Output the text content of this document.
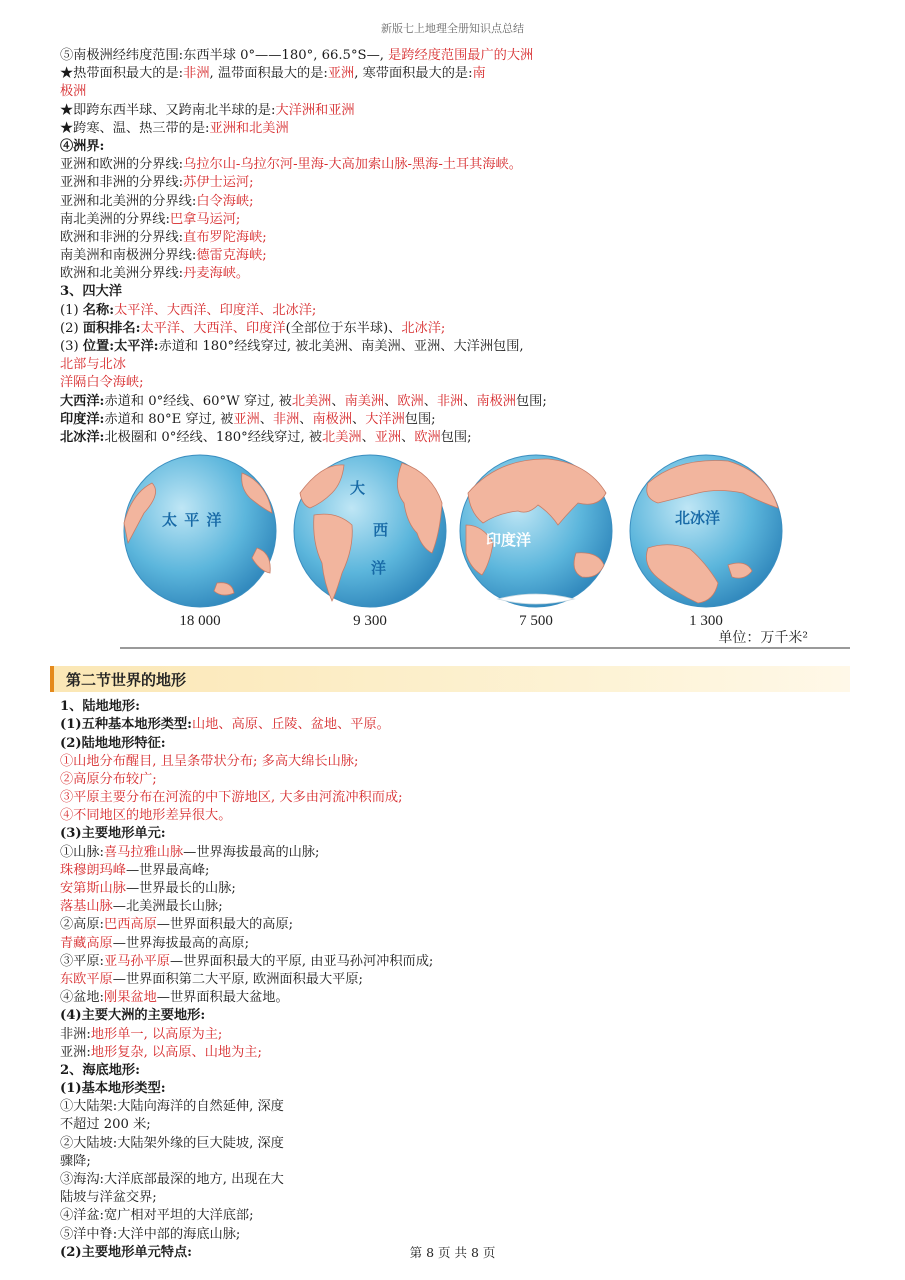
新版七上地理全册知识点总结
⑤南极洲经纬度范围:东西半球 0°——180°, 66.5°S—, 是跨经度范围最广的大洲
★热带面积最大的是:非洲, 温带面积最大的是:亚洲, 寒带面积最大的是:南
极洲
★即跨东西半球、又跨南北半球的是:大洋洲和亚洲
★跨寒、温、热三带的是:亚洲和北美洲
④洲界:
亚洲和欧洲的分界线:乌拉尔山-乌拉尔河-里海-大高加索山脉-黑海-土耳其海峡。
亚洲和非洲的分界线:苏伊士运河;
亚洲和北美洲的分界线:白令海峡;
南北美洲的分界线:巴拿马运河;
欧洲和非洲的分界线:直布罗陀海峡;
南美洲和南极洲分界线:德雷克海峡;
欧洲和北美洲分界线:丹麦海峡。
3、四大洋
(1) 名称:太平洋、大西洋、印度洋、北冰洋;
(2) 面积排名:太平洋、大西洋、印度洋(全部位于东半球)、北冰洋;
(3) 位置:太平洋:赤道和 180°经线穿过, 被北美洲、南美洲、亚洲、大洋洲包围,
北部与北冰
洋隔白令海峡;
大西洋:赤道和 0°经线、60°W 穿过, 被北美洲、南美洲、欧洲、非洲、南极洲包围;
印度洋:赤道和 80°E 穿过, 被亚洲、非洲、南极洲、大洋洲包围;
北冰洋:北极圈和 0°经线、180°经线穿过, 被北美洲、亚洲、欧洲包围;
18 000	9 300	7 500	1 300
太 平 洋
大
西
洋
印度洋
北冰洋
单位：万千米²
第二节世界的地形
1、陆地地形:
(1)五种基本地形类型:山地、高原、丘陵、盆地、平原。
(2)陆地地形特征:
①山地分布醒目, 且呈条带状分布; 多高大绵长山脉;
②高原分布较广;
③平原主要分布在河流的中下游地区, 大多由河流冲积而成;
④不同地区的地形差异很大。
(3)主要地形单元:
①山脉:喜马拉雅山脉—世界海拔最高的山脉;
珠穆朗玛峰—世界最高峰;
安第斯山脉—世界最长的山脉;
落基山脉—北美洲最长山脉;
②高原:巴西高原—世界面积最大的高原;
青藏高原—世界海拔最高的高原;
③平原:亚马孙平原—世界面积最大的平原, 由亚马孙河冲积而成;
东欧平原—世界面积第二大平原, 欧洲面积最大平原;
④盆地:刚果盆地—世界面积最大盆地。
(4)主要大洲的主要地形:
非洲:地形单一, 以高原为主;
亚洲:地形复杂, 以高原、山地为主;
2、海底地形:
(1)基本地形类型:
①大陆架:大陆向海洋的自然延伸, 深度
不超过 200 米;
②大陆坡:大陆架外缘的巨大陡坡, 深度
骤降;
③海沟:大洋底部最深的地方, 出现在大
陆坡与洋盆交界;
④洋盆:宽广相对平坦的大洋底部;
⑤洋中脊:大洋中部的海底山脉;
(2)主要地形单元特点:	第 8 页 共 8 页
